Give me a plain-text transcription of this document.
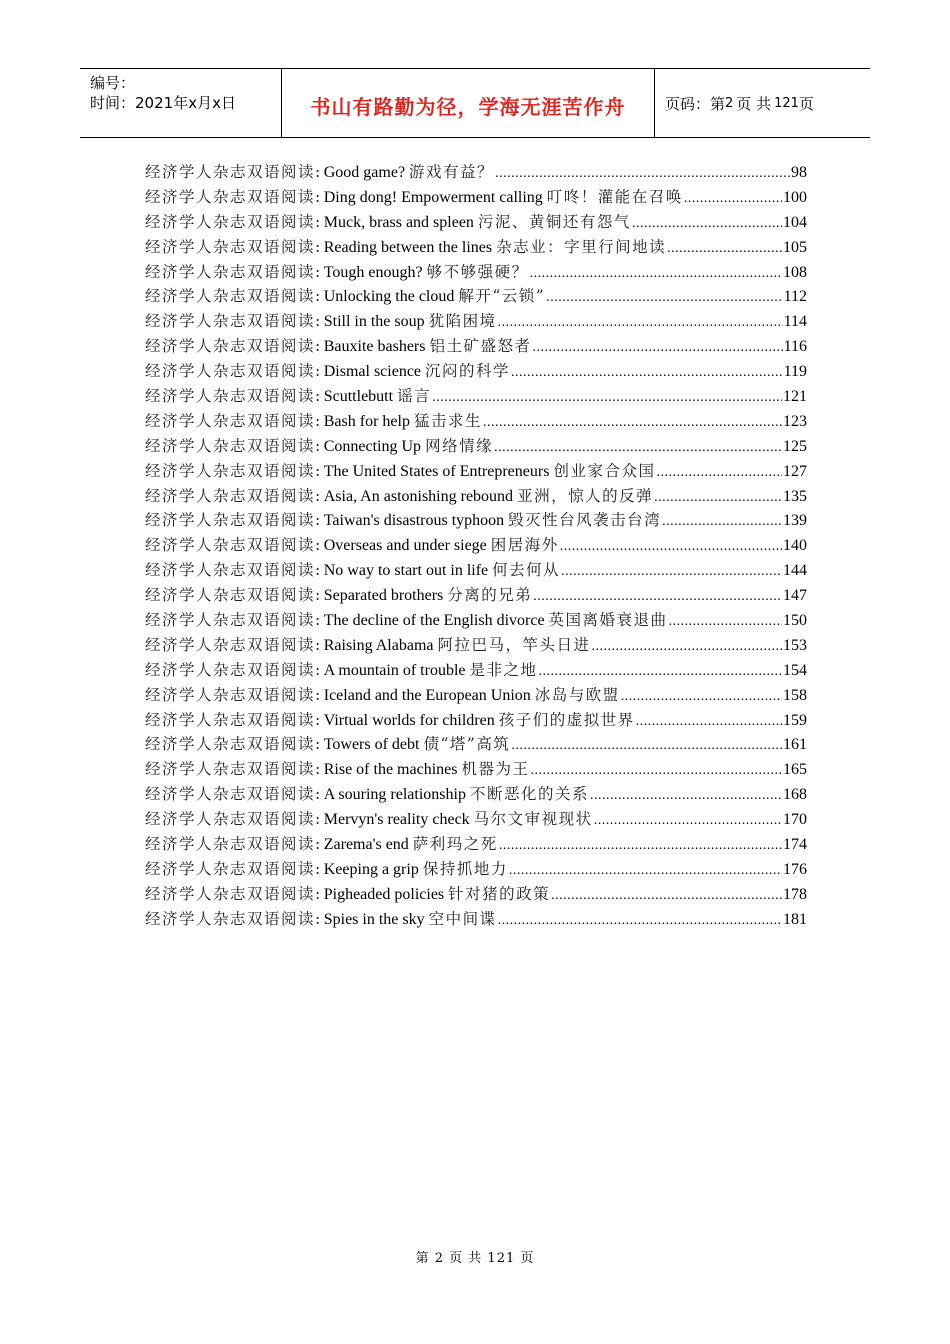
编号：
时间：2021年x月x日	书山有路勤为径，学海无涯苦作舟	页码：第 2 页 共 121 页
经济学人杂志双语阅读: Good game? 游戏有益？ .....	98
经济学人杂志双语阅读: Ding dong! Empowerment calling 叮咚！灌能在召唤 .....	100
经济学人杂志双语阅读: Muck, brass and spleen 污泥、黄铜还有怨气 .....	104
经济学人杂志双语阅读: Reading between the lines 杂志业：字里行间地读 .....	105
经济学人杂志双语阅读: Tough enough? 够不够强硬？ .....	108
经济学人杂志双语阅读: Unlocking the cloud 解开“云锁” .....	112
经济学人杂志双语阅读: Still in the soup 犹陷困境 .....	114
经济学人杂志双语阅读: Bauxite bashers 铝土矿盛怒者 .....	116
经济学人杂志双语阅读: Dismal science 沉闷的科学 .....	119
经济学人杂志双语阅读: Scuttlebutt 谣言 .....	121
经济学人杂志双语阅读: Bash for help 猛击求生 .....	123
经济学人杂志双语阅读: Connecting Up 网络情缘 .....	125
经济学人杂志双语阅读: The United States of Entrepreneurs 创业家合众国 .....	127
经济学人杂志双语阅读: Asia, An astonishing rebound 亚洲，惊人的反弹 .....	135
经济学人杂志双语阅读: Taiwan's disastrous typhoon 毁灭性台风袭击台湾 .....	139
经济学人杂志双语阅读: Overseas and under siege 困居海外 .....	140
经济学人杂志双语阅读: No way to start out in life 何去何从 .....	144
经济学人杂志双语阅读: Separated brothers 分离的兄弟 .....	147
经济学人杂志双语阅读: The decline of the English divorce 英国离婚衰退曲 .....	150
经济学人杂志双语阅读: Raising Alabama 阿拉巴马，竿头日进 .....	153
经济学人杂志双语阅读: A mountain of trouble 是非之地 .....	154
经济学人杂志双语阅读: Iceland and the European Union 冰岛与欧盟 .....	158
经济学人杂志双语阅读: Virtual worlds for children 孩子们的虚拟世界 .....	159
经济学人杂志双语阅读: Towers of debt 债“塔”高筑 .....	161
经济学人杂志双语阅读: Rise of the machines 机器为王 .....	165
经济学人杂志双语阅读: A souring relationship 不断恶化的关系 .....	168
经济学人杂志双语阅读: Mervyn's reality check 马尔文审视现状 .....	170
经济学人杂志双语阅读: Zarema's end 萨利玛之死 .....	174
经济学人杂志双语阅读: Keeping a grip 保持抓地力 .....	176
经济学人杂志双语阅读: Pigheaded policies 针对猪的政策 .....	178
经济学人杂志双语阅读: Spies in the sky 空中间谍 .....	181
第 2 页 共 121 页
